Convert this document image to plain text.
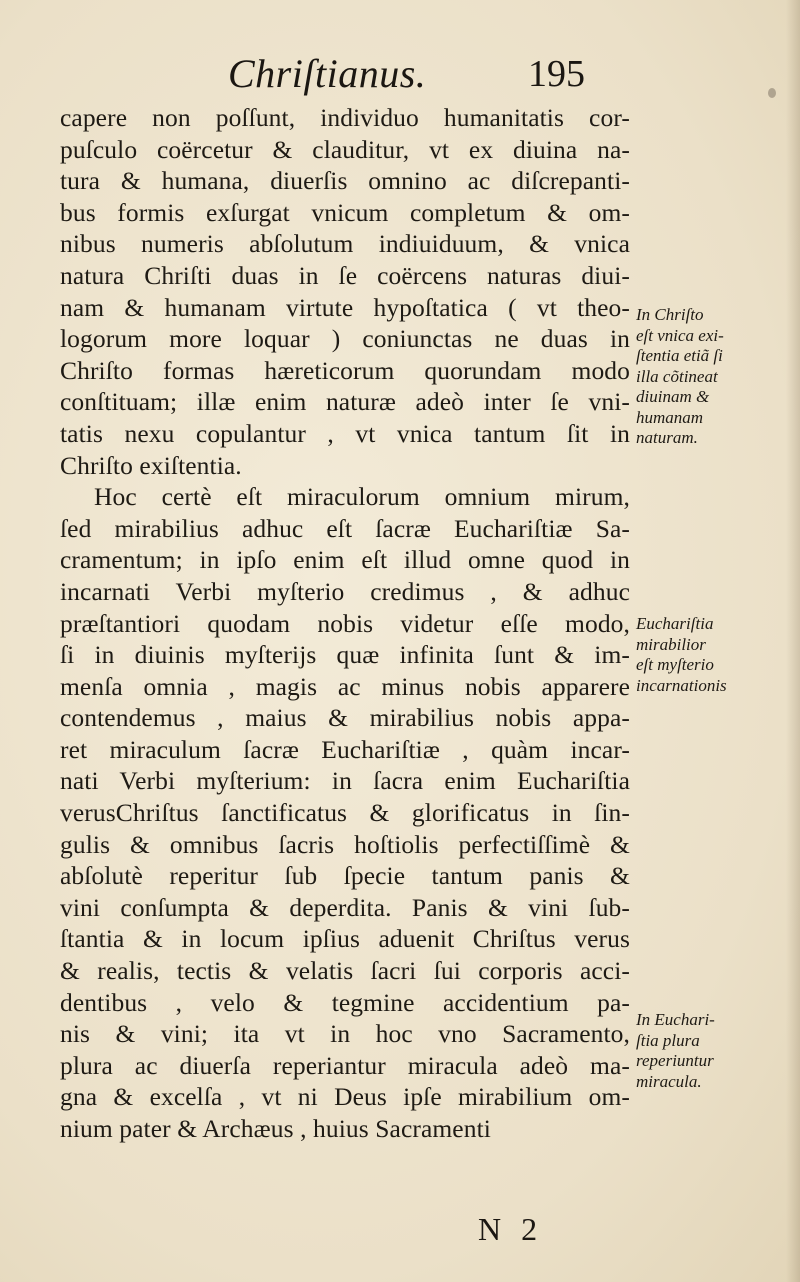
Chriſtianus.	195
capere non poſſunt, individuo humanitatis cor-
puſculo coërcetur & clauditur, vt ex diuina na-
tura & humana, diuerſis omnino ac diſcrepanti-
bus formis exſurgat vnicum completum & om-
nibus numeris abſolutum indiuiduum, & vnica
natura Chriſti duas in ſe coërcens naturas diui-
nam & humanam virtute hypoſtatica ( vt theo-
logorum more loquar ) coniunctas ne duas in
Chriſto formas hæreticorum quorundam modo
conſtituam; illæ enim naturæ adeò inter ſe vni-
tatis nexu copulantur , vt vnica tantum ſit in
Chriſto exiſtentia.
Hoc certè eſt miraculorum omnium mirum,
ſed mirabilius adhuc eſt ſacræ Euchariſtiæ Sa-
cramentum; in ipſo enim eſt illud omne quod in
incarnati Verbi myſterio credimus , & adhuc
præſtantiori quodam nobis videtur eſſe modo,
ſi in diuinis myſterijs quæ infinita ſunt & im-
menſa omnia , magis ac minus nobis apparere
contendemus , maius & mirabilius nobis appa-
ret miraculum ſacræ Euchariſtiæ , quàm incar-
nati Verbi myſterium: in ſacra enim Euchariſtia
verusChriſtus ſanctificatus & glorificatus in ſin-
gulis & omnibus ſacris hoſtiolis perfectiſſimè &
abſolutè reperitur ſub ſpecie tantum panis &
vini conſumpta & deperdita. Panis & vini ſub-
ſtantia & in locum ipſius aduenit Chriſtus verus
& realis, tectis & velatis ſacri ſui corporis acci-
dentibus , velo & tegmine accidentium pa-
nis & vini; ita vt in hoc vno Sacramento,
plura ac diuerſa reperiantur miracula adeò ma-
gna & excelſa , vt ni Deus ipſe mirabilium om-
nium pater & Archæus , huius Sacramenti
In Chriſto
eſt vnica exi-
ſtentia etiã ſi
illa cõtineat
diuinam &
humanam
naturam.
Euchariſtia
mirabilior
eſt myſterio
incarnationis
In Euchari-
ſtia plura
reperiuntur
miracula.
N 2
